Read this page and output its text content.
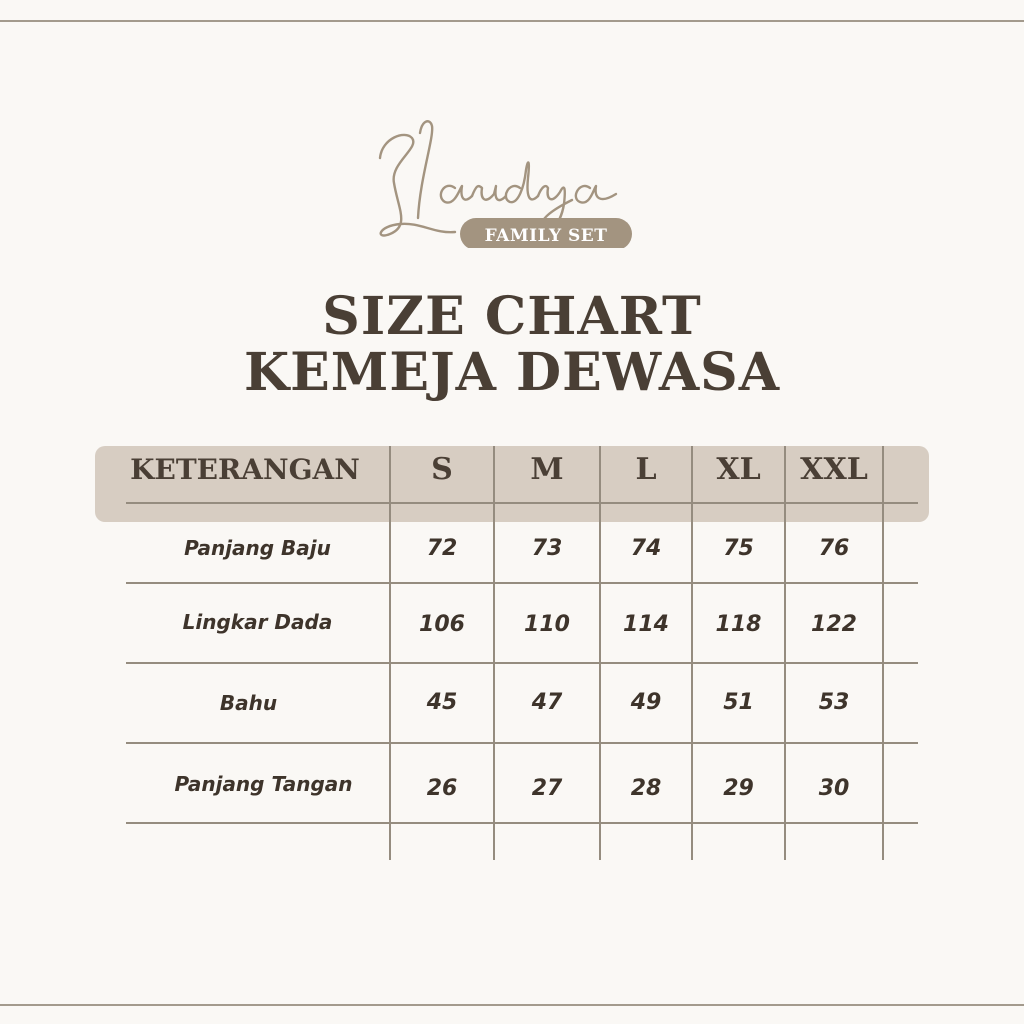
FAMILY SET
SIZE CHART
KEMEJA DEWASA
KETERANGAN	S	M	L	XL	XXL
Panjang Baju	72	73	74	75	76
Lingkar Dada	106	110	114	118	122
Bahu	45	47	49	51	53
Panjang Tangan	26	27	28	29	30
